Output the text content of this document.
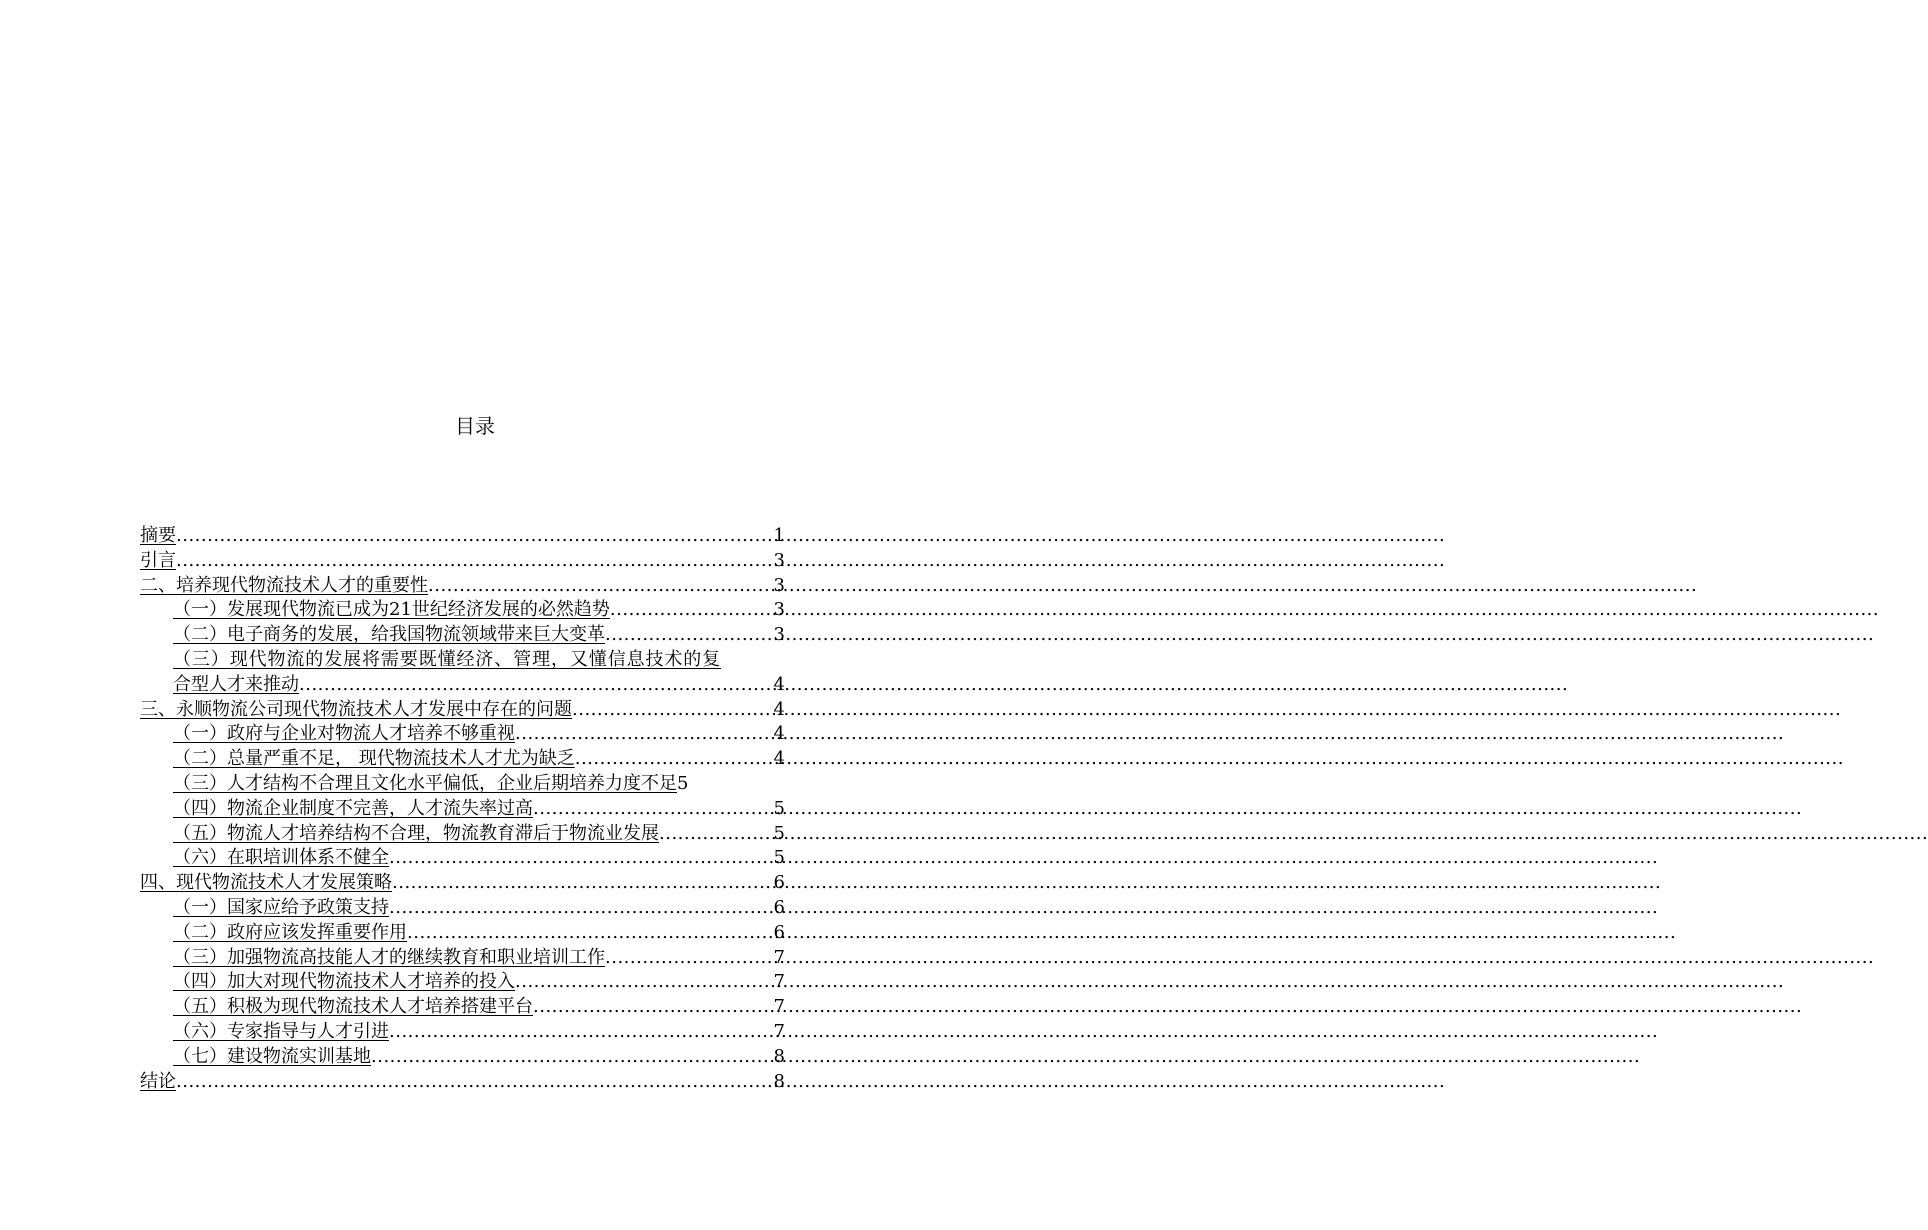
目录
摘要 .....	1
引言 .....	3
二、培养现代物流技术人才的重要性 .....	3
（一）发展现代物流已成为21世纪经济发展的必然趋势 .....	3
（二）电子商务的发展，给我国物流领域带来巨大变革 .....	3
（三）现代物流的发展将需要既懂经济、管理，又懂信息技术的复
合型人才来推动 .....	4
三、永顺物流公司现代物流技术人才发展中存在的问题 .....	4
（一）政府与企业对物流人才培养不够重视 .....	4
（二）总量严重不足， 现代物流技术人才尤为缺乏 .....	4
（三）人才结构不合理且文化水平偏低，企业后期培养力度不足 5
（四）物流企业制度不完善，人才流失率过高 .....	5
（五）物流人才培养结构不合理，物流教育滞后于物流业发展 .....	5
（六）在职培训体系不健全 .....	5
四、现代物流技术人才发展策略 .....	6
（一）国家应给予政策支持 .....	6
（二）政府应该发挥重要作用 .....	6
（三）加强物流高技能人才的继续教育和职业培训工作 .....	7
（四）加大对现代物流技术人才培养的投入 .....	7
（五）积极为现代物流技术人才培养搭建平台 .....	7
（六）专家指导与人才引进 .....	7
（七）建设物流实训基地 .....	8
结论 .....	8
